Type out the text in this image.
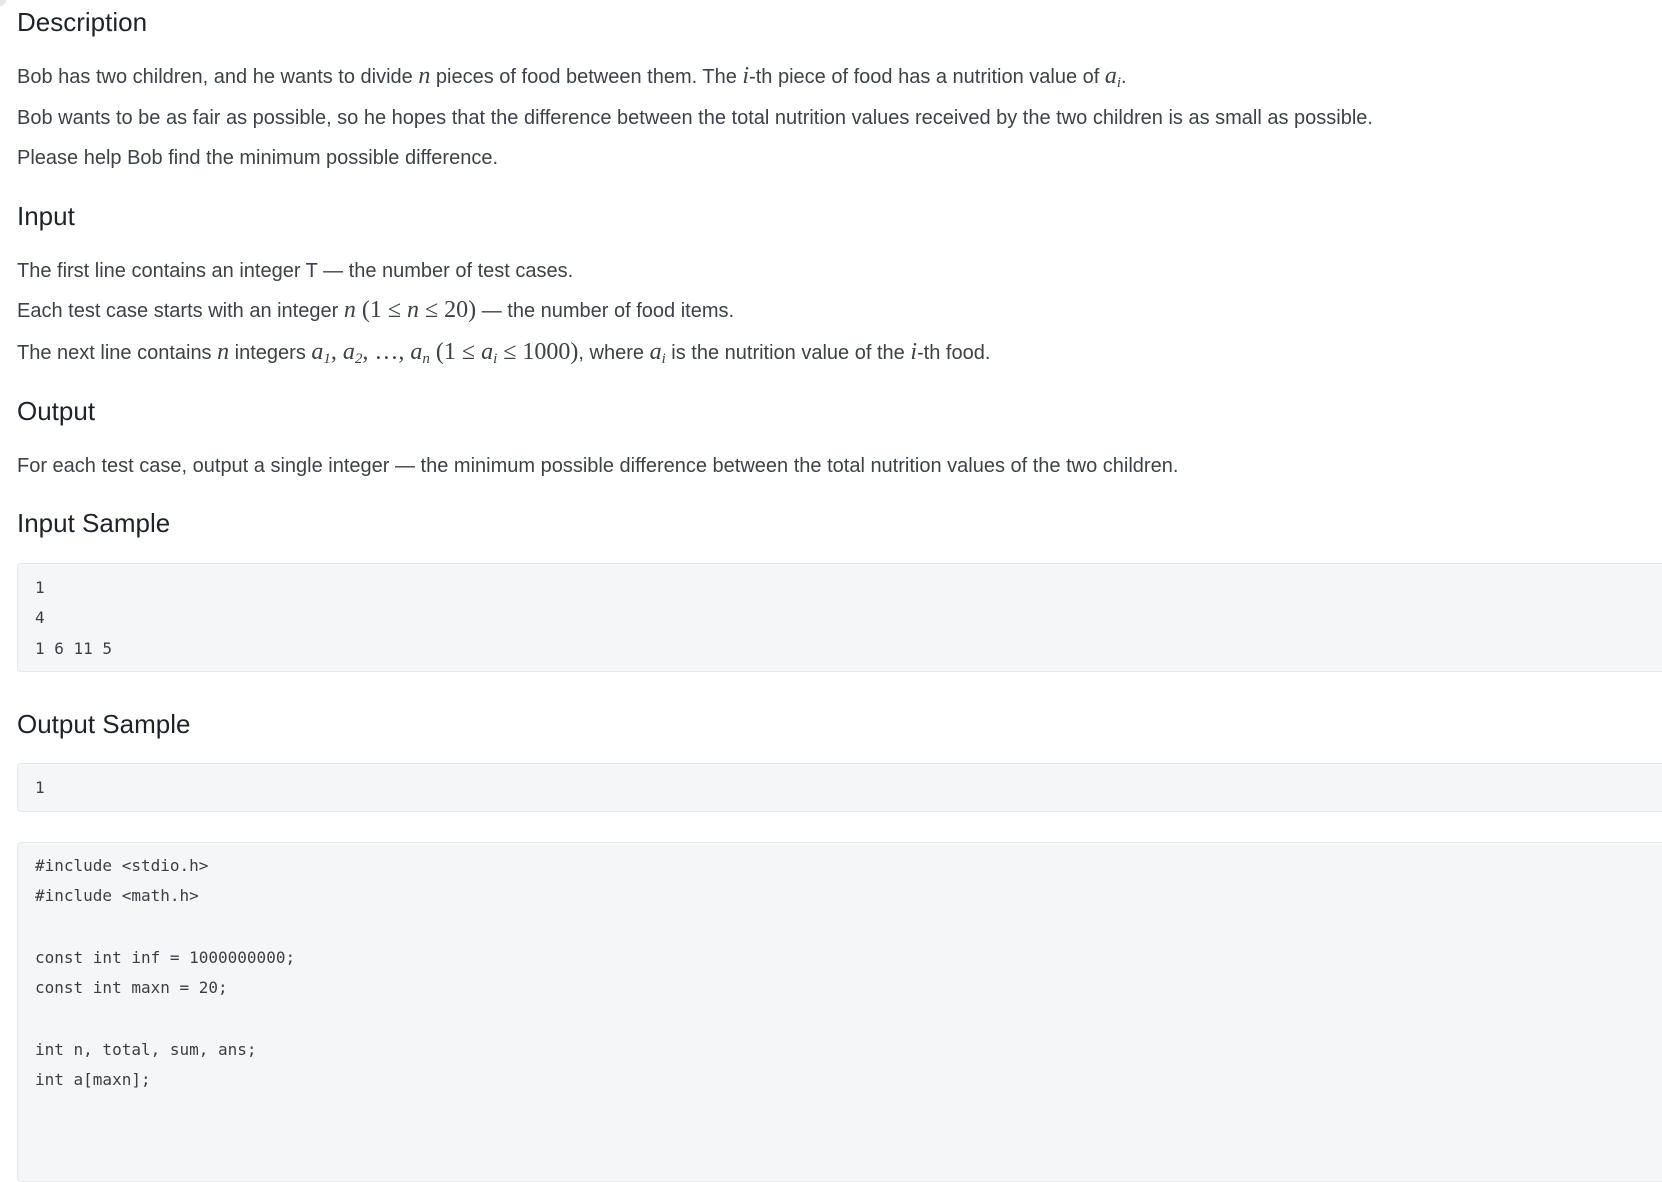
Description

Bob has two children, and he wants to divide n pieces of food between them. The i-th piece of food has a nutrition value of $a_i$.

Bob wants to be as fair as possible, so he hopes that the difference between the total nutrition values received by the two children is as small as possible.

Please help Bob find the minimum possible difference.

Input

The first line contains an integer T — the number of test cases.

Each test case starts with an integer n (1 ≤ n ≤ 20) — the number of food items.

The next line contains n integers $a_1$, $a_2$, …, $a_n$ $(1 \le a_i \le 1000)$, where $a_i$ is the nutrition value of the i-th food.

Output

For each test case, output a single integer — the minimum possible difference between the total nutrition values of the two children.

Input Sample
1
4
1 6 11 5
Output Sample
1
#include <stdio.h>
#include <math.h>
const int inf = 1000000000;
const int maxn = 20;
int n, total, sum, ans;
int a[maxn];
